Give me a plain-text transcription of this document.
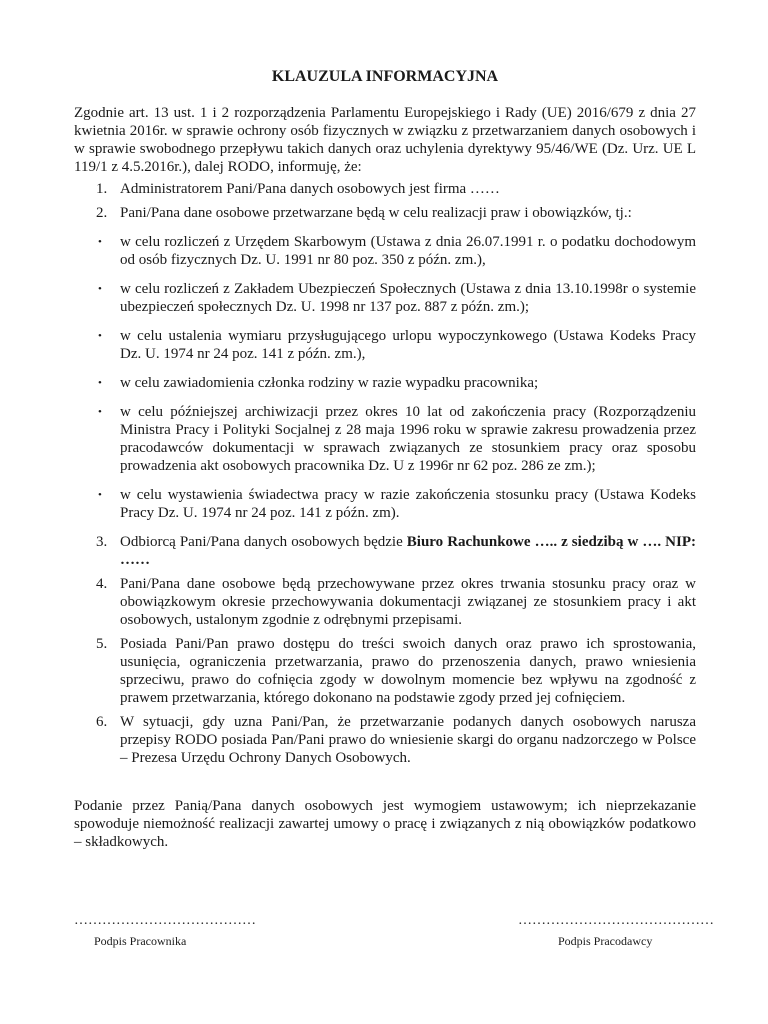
KLAUZULA INFORMACYJNA

Zgodnie art. 13 ust. 1 i 2 rozporządzenia Parlamentu Europejskiego i Rady (UE) 2016/679 z dnia 27 kwietnia 2016r. w sprawie ochrony osób fizycznych w związku z przetwarzaniem danych osobowych i w sprawie swobodnego przepływu takich danych oraz uchylenia dyrektywy 95/46/WE (Dz. Urz. UE L 119/1 z 4.5.2016r.), dalej RODO, informuję, że:

1. Administratorem Pani/Pana danych osobowych jest firma ……
2. Pani/Pana dane osobowe przetwarzane będą w celu realizacji praw i obowiązków, tj.:
• w celu rozliczeń z Urzędem Skarbowym (Ustawa z dnia 26.07.1991 r. o podatku dochodowym od osób fizycznych Dz. U. 1991 nr 80 poz. 350 z późn. zm.),
• w celu rozliczeń z Zakładem Ubezpieczeń Społecznych (Ustawa z dnia 13.10.1998r o systemie ubezpieczeń społecznych Dz. U. 1998 nr 137 poz. 887 z późn. zm.);
• w celu ustalenia wymiaru przysługującego urlopu wypoczynkowego (Ustawa Kodeks Pracy Dz. U. 1974 nr 24 poz. 141 z późn. zm.),
• w celu zawiadomienia członka rodziny w razie wypadku pracownika;
• w celu późniejszej archiwizacji przez okres 10 lat od zakończenia pracy (Rozporządzeniu Ministra Pracy i Polityki Socjalnej z 28 maja 1996 roku w sprawie zakresu prowadzenia przez pracodawców dokumentacji w sprawach związanych ze stosunkiem pracy oraz sposobu prowadzenia akt osobowych pracownika Dz. U z 1996r nr 62 poz. 286 ze zm.);
• w celu wystawienia świadectwa pracy w razie zakończenia stosunku pracy (Ustawa Kodeks Pracy Dz. U. 1974 nr 24 poz. 141 z późn. zm).
3. Odbiorcą Pani/Pana danych osobowych będzie Biuro Rachunkowe ….. z siedzibą w …. NIP: ……
4. Pani/Pana dane osobowe będą przechowywane przez okres trwania stosunku pracy oraz w obowiązkowym okresie przechowywania dokumentacji związanej ze stosunkiem pracy i akt osobowych, ustalonym zgodnie z odrębnymi przepisami.
5. Posiada Pani/Pan prawo dostępu do treści swoich danych oraz prawo ich sprostowania, usunięcia, ograniczenia przetwarzania, prawo do przenoszenia danych, prawo wniesienia sprzeciwu, prawo do cofnięcia zgody w dowolnym momencie bez wpływu na zgodność z prawem przetwarzania, którego dokonano na podstawie zgody przed jej cofnięciem.
6. W sytuacji, gdy uzna Pani/Pan, że przetwarzanie podanych danych osobowych narusza przepisy RODO posiada Pan/Pani prawo do wniesienie skargi do organu nadzorczego w Polsce – Prezesa Urzędu Ochrony Danych Osobowych.

Podanie przez Panią/Pana danych osobowych jest wymogiem ustawowym; ich nieprzekazanie spowoduje niemożność realizacji zawartej umowy o pracę i związanych z nią obowiązków podatkowo – składkowych.

…………………………………
Podpis Pracownika
……………………………………
Podpis Pracodawcy
